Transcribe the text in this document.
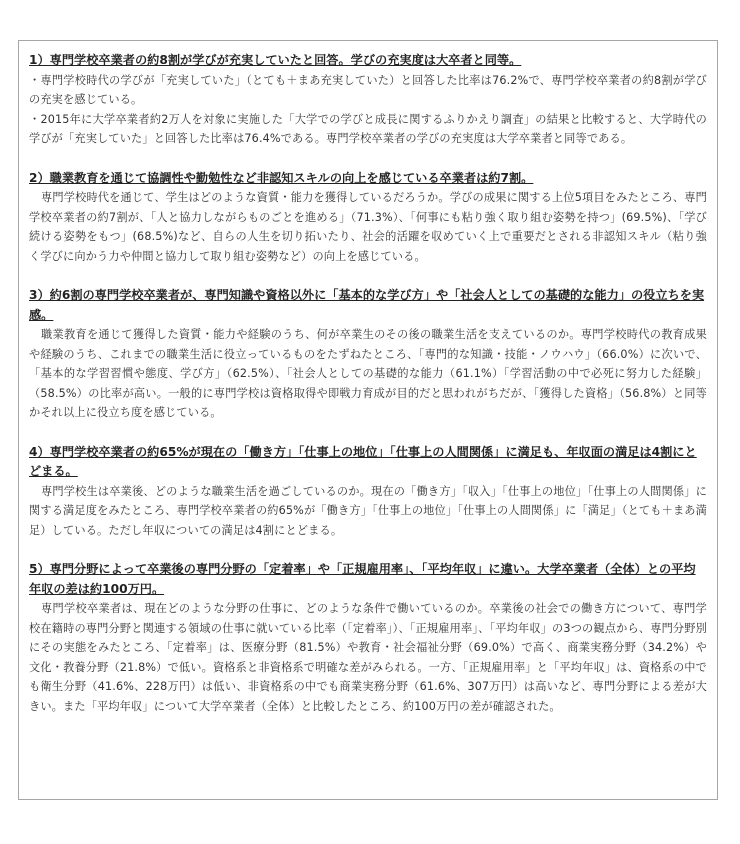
1）専門学校卒業者の約8割が学びが充実していたと回答。学びの充実度は大卒者と同等。

・専門学校時代の学びが「充実していた」（とても＋まあ充実していた）と回答した比率は76.2%で、専門学校卒業者の約8割が学びの充実を感じている。

・2015年に大学卒業者約2万人を対象に実施した「大学での学びと成長に関するふりかえり調査」の結果と比較すると、大学時代の学びが「充実していた」と回答した比率は76.4%である。専門学校卒業者の学びの充実度は大学卒業者と同等である。

2）職業教育を通じて協調性や勤勉性など非認知スキルの向上を感じている卒業者は約7割。

専門学校時代を通じて、学生はどのような資質・能力を獲得しているだろうか。学びの成果に関する上位5項目をみたところ、専門学校卒業者の約7割が、「人と協力しながらものごとを進める」（71.3%）、「何事にも粘り強く取り組む姿勢を持つ」(69.5%)、「学び続ける姿勢をもつ」(68.5%)など、自らの人生を切り拓いたり、社会的活躍を収めていく上で重要だとされる非認知スキル（粘り強く学びに向かう力や仲間と協力して取り組む姿勢など）の向上を感じている。

3）約6割の専門学校卒業者が、専門知識や資格以外に「基本的な学び方」や「社会人としての基礎的な能力」の役立ちを実感。

職業教育を通じて獲得した資質・能力や経験のうち、何が卒業生のその後の職業生活を支えているのか。専門学校時代の教育成果や経験のうち、これまでの職業生活に役立っているものをたずねたところ、「専門的な知識・技能・ノウハウ」（66.0%）に次いで、「基本的な学習習慣や態度、学び方」（62.5%）、「社会人としての基礎的な能力（61.1%）「学習活動の中で必死に努力した経験」（58.5%）の比率が高い。一般的に専門学校は資格取得や即戦力育成が目的だと思われがちだが、「獲得した資格」（56.8%）と同等かそれ以上に役立ち度を感じている。

4）専門学校卒業者の約65%が現在の「働き方」「仕事上の地位」「仕事上の人間関係」に満足も、年収面の満足は4割にとどまる。

専門学校生は卒業後、どのような職業生活を過ごしているのか。現在の「働き方」「収入」「仕事上の地位」「仕事上の人間関係」に関する満足度をみたところ、専門学校卒業者の約65%が「働き方」「仕事上の地位」「仕事上の人間関係」に「満足」（とても＋まあ満足）している。ただし年収についての満足は4割にとどまる。

5）専門分野によって卒業後の専門分野の「定着率」や「正規雇用率」、「平均年収」に違い。大学卒業者（全体）との平均年収の差は約100万円。

専門学校卒業者は、現在どのような分野の仕事に、どのような条件で働いているのか。卒業後の社会での働き方について、専門学校在籍時の専門分野と関連する領域の仕事に就いている比率（「定着率」）、「正規雇用率」、「平均年収」の3つの観点から、専門分野別にその実態をみたところ、「定着率」は、医療分野（81.5%）や教育・社会福祉分野（69.0%）で高く、商業実務分野（34.2%）や文化・教養分野（21.8%）で低い。資格系と非資格系で明確な差がみられる。一方、「正規雇用率」と「平均年収」は、資格系の中でも衛生分野（41.6%、228万円）は低い、非資格系の中でも商業実務分野（61.6%、307万円）は高いなど、専門分野による差が大きい。また「平均年収」について大学卒業者（全体）と比較したところ、約100万円の差が確認された。
